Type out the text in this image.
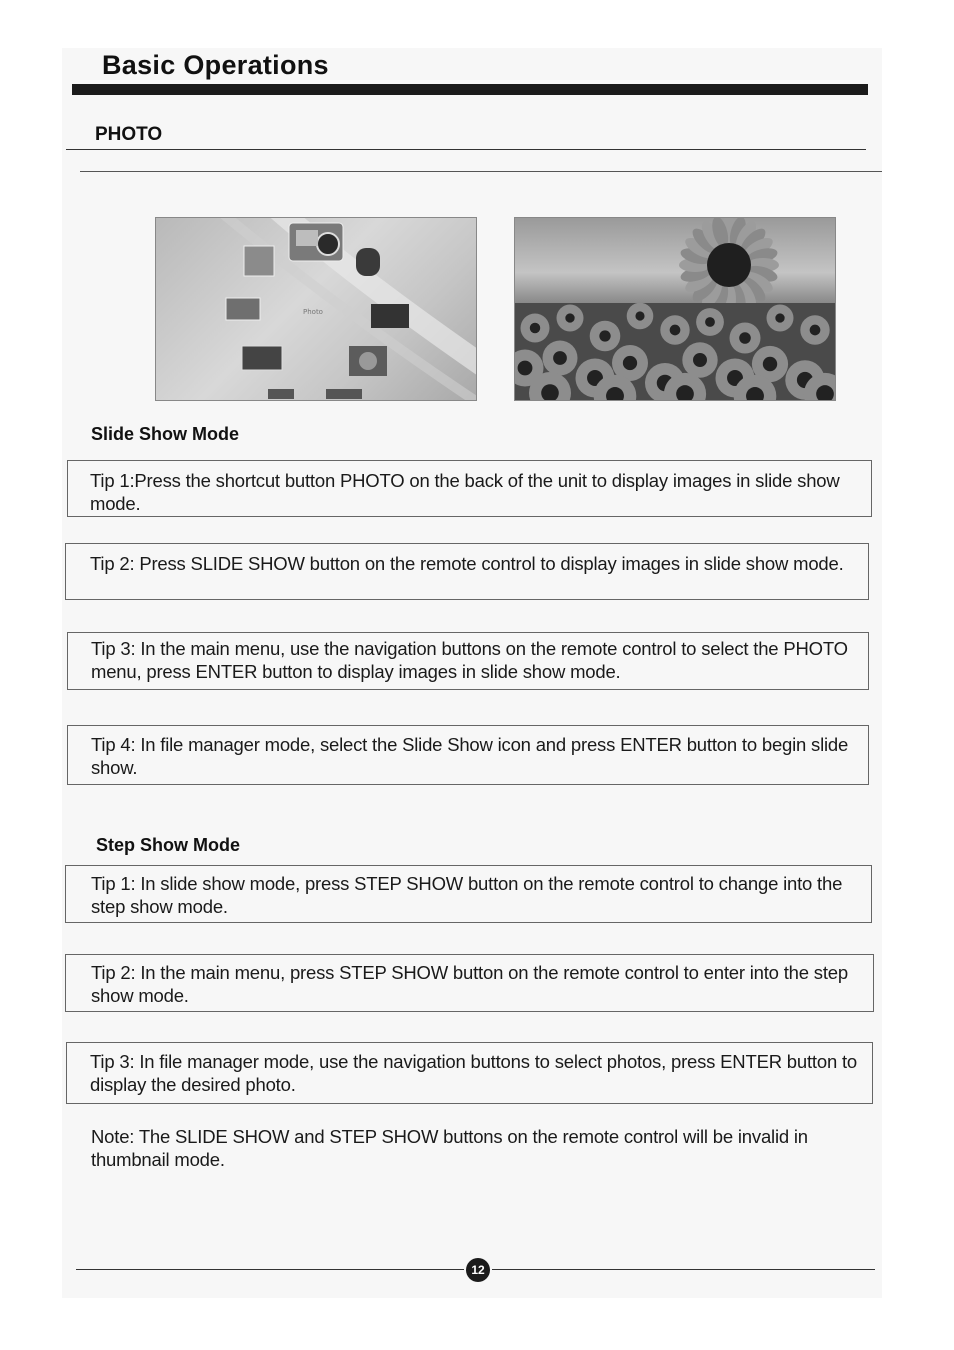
Basic Operations
PHOTO
Photo
Slide Show Mode

Tip 1:Press the shortcut button PHOTO on the back of the unit to display images in slide show mode.

Tip 2: Press SLIDE SHOW button on the remote control to display images in slide show mode.

Tip 3: In the main menu, use the navigation buttons on the remote control to select the PHOTO menu, press ENTER button to display images in slide show mode.

Tip 4: In file manager mode, select the Slide Show icon and press ENTER button to begin slide show.

Step Show Mode

Tip 1: In slide show mode, press STEP SHOW button on the remote control to change into the step show mode.

Tip 2: In the main menu, press STEP SHOW button on the remote control to enter into the step show mode.

Tip 3: In file manager mode, use the navigation buttons to select photos, press ENTER button to display the desired photo.

Note: The SLIDE SHOW and STEP SHOW buttons on the remote control will be invalid in thumbnail mode.
12
